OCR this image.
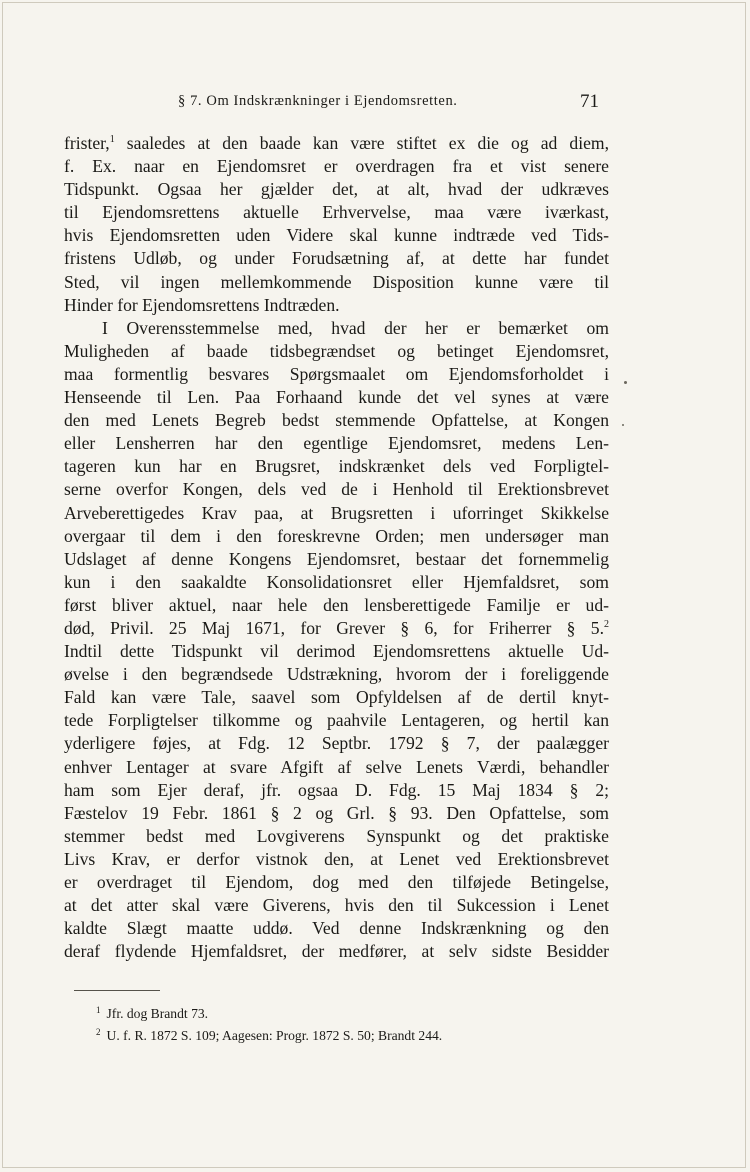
§ 7. Om Indskrænkninger i Ejendomsretten.	71
frister,$^1$ saaledes at den baade kan være stiftet ex die og ad diem,
f. Ex. naar en Ejendomsret er overdragen fra et vist senere
Tidspunkt. Ogsaa her gjælder det, at alt, hvad der udkræves
til Ejendomsrettens aktuelle Erhvervelse, maa være iværkast,
hvis Ejendomsretten uden Videre skal kunne indtræde ved Tids-
fristens Udløb, og under Forudsætning af, at dette har fundet
Sted, vil ingen mellemkommende Disposition kunne være til
Hinder for Ejendomsrettens Indtræden.
I Overensstemmelse med, hvad der her er bemærket om
Muligheden af baade tidsbegrændset og betinget Ejendomsret,
maa formentlig besvares Spørgsmaalet om Ejendomsforholdet i
Henseende til Len. Paa Forhaand kunde det vel synes at være
den med Lenets Begreb bedst stemmende Opfattelse, at Kongen
eller Lensherren har den egentlige Ejendomsret, medens Len-
tageren kun har en Brugsret, indskrænket dels ved Forpligtel-
serne overfor Kongen, dels ved de i Henhold til Erektionsbrevet
Arveberettigedes Krav paa, at Brugsretten i uforringet Skikkelse
overgaar til dem i den foreskrevne Orden; men undersøger man
Udslaget af denne Kongens Ejendomsret, bestaar det fornemmelig
kun i den saakaldte Konsolidationsret eller Hjemfaldsret, som
først bliver aktuel, naar hele den lensberettigede Familje er ud-
død, Privil. 25 Maj 1671, for Grever § 6, for Friherrer § 5.$^2$
Indtil dette Tidspunkt vil derimod Ejendomsrettens aktuelle Ud-
øvelse i den begrændsede Udstrækning, hvorom der i foreliggende
Fald kan være Tale, saavel som Opfyldelsen af de dertil knyt-
tede Forpligtelser tilkomme og paahvile Lentageren, og hertil kan
yderligere føjes, at Fdg. 12 Septbr. 1792 § 7, der paalægger
enhver Lentager at svare Afgift af selve Lenets Værdi, behandler
ham som Ejer deraf, jfr. ogsaa D. Fdg. 15 Maj 1834 § 2;
Fæstelov 19 Febr. 1861 § 2 og Grl. § 93. Den Opfattelse, som
stemmer bedst med Lovgiverens Synspunkt og det praktiske
Livs Krav, er derfor vistnok den, at Lenet ved Erektionsbrevet
er overdraget til Ejendom, dog med den tilføjede Betingelse,
at det atter skal være Giverens, hvis den til Sukcession i Lenet
kaldte Slægt maatte uddø. Ved denne Indskrænkning og den
deraf flydende Hjemfaldsret, der medfører, at selv sidste Besidder
$^1$ Jfr. dog Brandt 73.
$^2$ U. f. R. 1872 S. 109; Aagesen: Progr. 1872 S. 50; Brandt 244.
